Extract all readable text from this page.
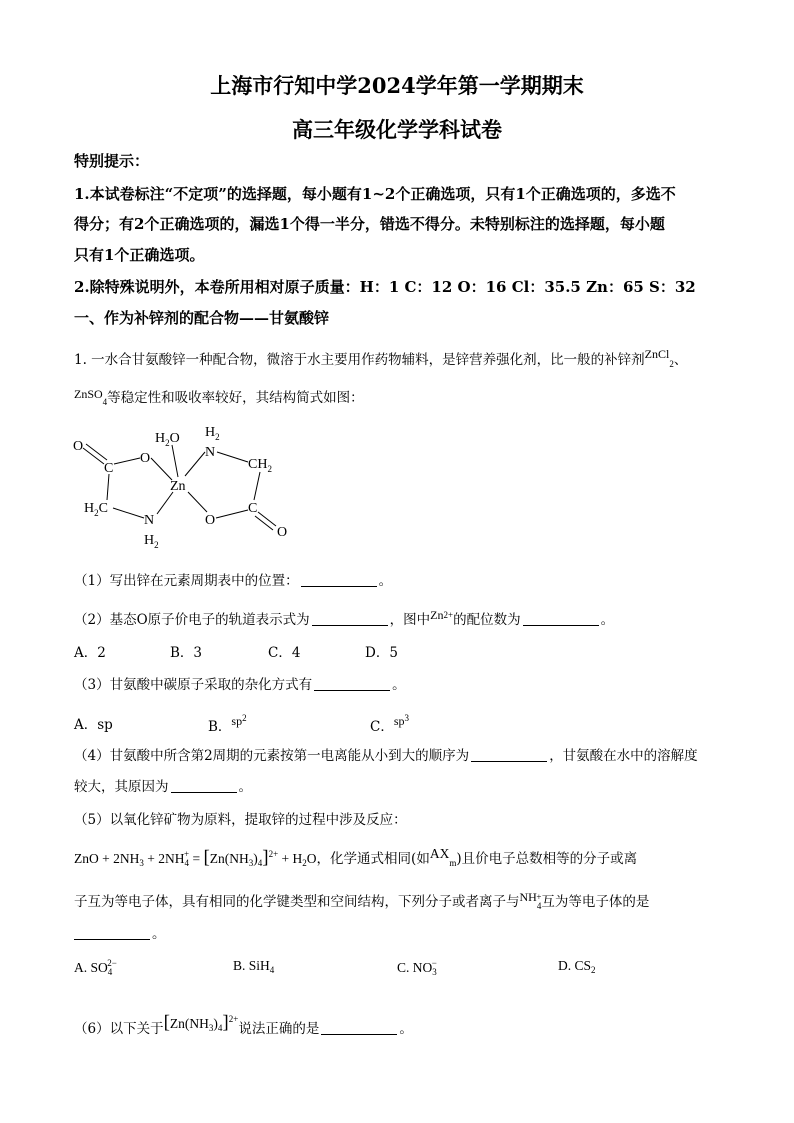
上海市行知中学2024学年第一学期期末
高三年级化学学科试卷
特别提示：
1.本试卷标注“不定项”的选择题，每小题有1~2个正确选项，只有1个正确选项的，多选不
得分；有2个正确选项的，漏选1个得一半分，错选不得分。未特别标注的选择题，每小题
只有1个正确选项。
2.除特殊说明外，本卷所用相对原子质量：H：1 C：12 O：16 Cl：35.5 Zn：65 S：32
一、作为补锌剂的配合物——甘氨酸锌
1. 一水合甘氨酸锌一种配合物，微溶于水主要用作药物辅料，是锌营养强化剂，比一般的补锌剂ZnCl$_2$、
ZnSO$_4$等稳定性和吸收率较好，其结构简式如图：
O
C
O
$H_2O$ $H_2$
N
$CH_2$
Zn
$H_2C$
N
$H_2$
O
C
O
（1）写出锌在元素周期表中的位置：	。
（2）基态O原子价电子的轨道表示式为	，图中$Zn^{2+}$的配位数为	。
A．2	B．3	C．4	D．5
（3）甘氨酸中碳原子采取的杂化方式有	。
A．sp	B．$sp^2$
C．$sp^3$
（4）甘氨酸中所含第2周期的元素按第一电离能从小到大的顺序为	，甘氨酸在水中的溶解度
较大，其原因为	。
（5）以氧化锌矿物为原料，提取锌的过程中涉及反应：
ZnO + $2NH_3 + 2NH_4^+ = [Zn(NH_3)_4]^{2+} + H_2O$，化学通式相同(如$AX_m$)且价电子总数相等的分子或离
子互为等电子体，具有相同的化学键类型和空间结构，下列分子或者离子与$NH_4^+$互为等电子体的是
。
A. $SO_4^{2-}$	B. SiH$_4$	C. $NO_3^-$	D. $CS_2$
（6）以下关于$[Zn(NH_3)_4]^{2+}$说法正确的是	。
